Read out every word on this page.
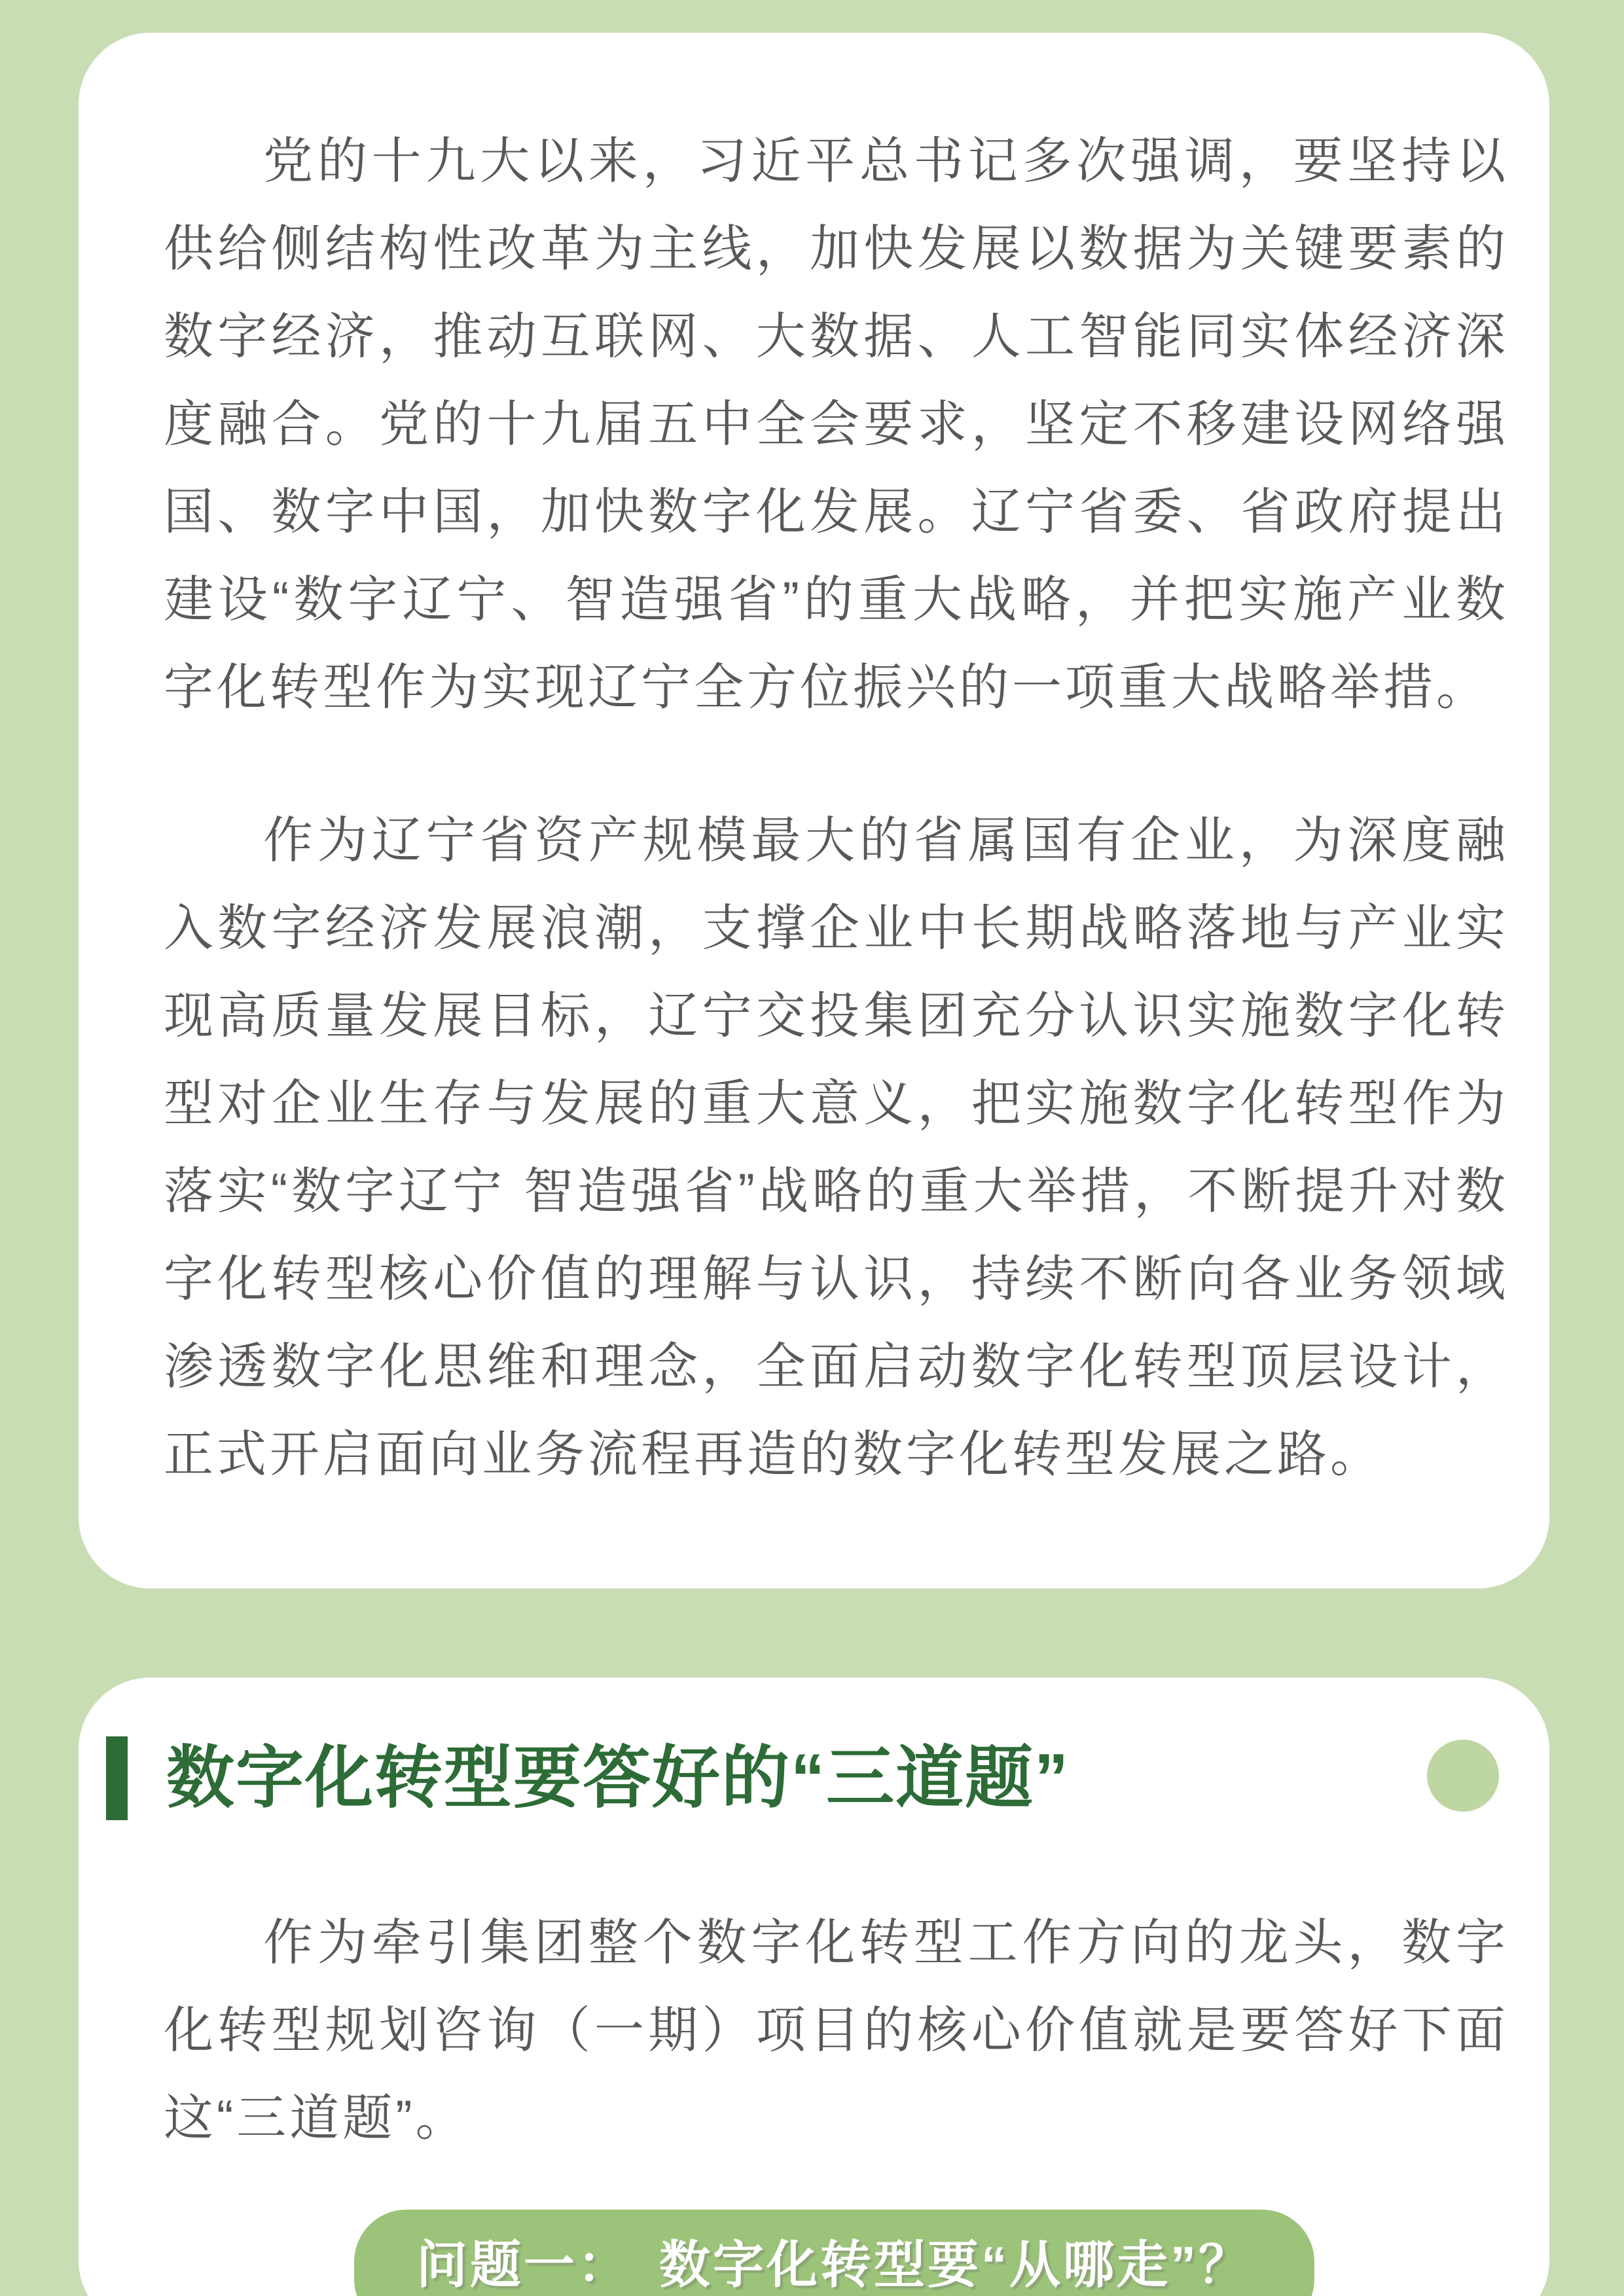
党的十九大以来，习近平总书记多次强调，要坚持以供给侧结构性改革为主线，加快发展以数据为关键要素的数字经济，推动互联网、大数据、人工智能同实体经济深度融合。党的十九届五中全会要求，坚定不移建设网络强国、数字中国，加快数字化发展。辽宁省委、省政府提出建设“数字辽宁、智造强省”的重大战略，并把实施产业数字化转型作为实现辽宁全方位振兴的一项重大战略举措。

作为辽宁省资产规模最大的省属国有企业，为深度融入数字经济发展浪潮，支撑企业中长期战略落地与产业实现高质量发展目标，辽宁交投集团充分认识实施数字化转型对企业生存与发展的重大意义，把实施数字化转型作为落实“数字辽宁 智造强省”战略的重大举措，不断提升对数字化转型核心价值的理解与认识，持续不断向各业务领域渗透数字化思维和理念，全面启动数字化转型顶层设计，正式开启面向业务流程再造的数字化转型发展之路。

数字化转型要答好的“三道题”

作为牵引集团整个数字化转型工作方向的龙头，数字化转型规划咨询（一期）项目的核心价值就是要答好下面这“三道题”。

问题一：　数字化转型要“从哪走”？
